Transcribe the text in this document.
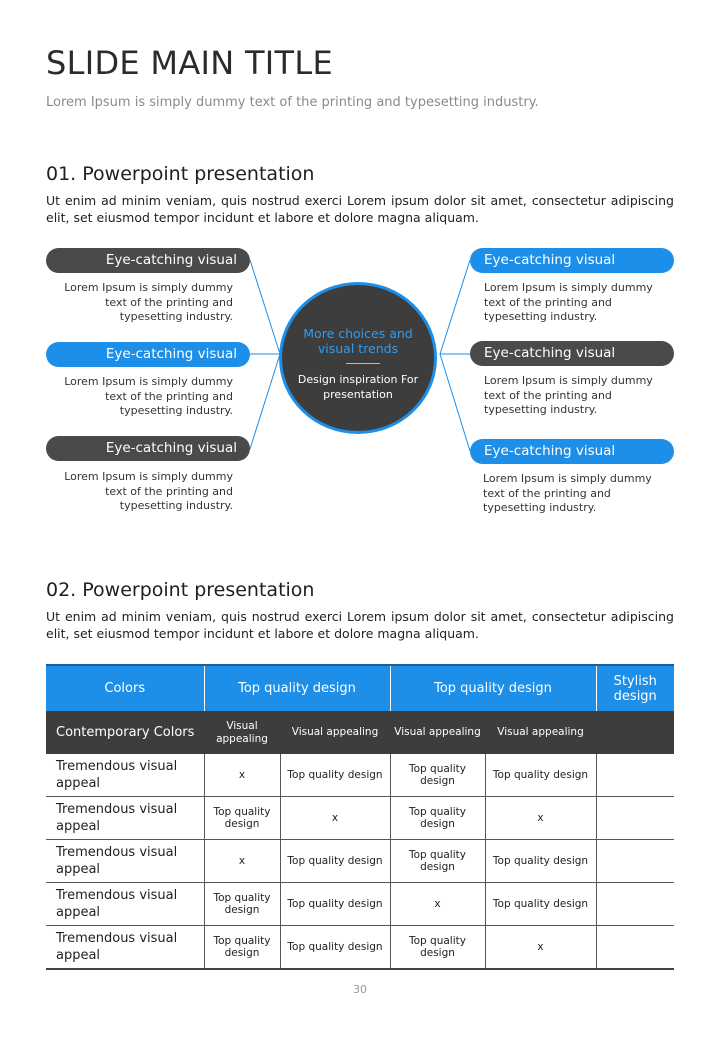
SLIDE MAIN TITLE
Lorem Ipsum is simply dummy text of the printing and typesetting industry.
01. Powerpoint presentation
Ut enim ad minim veniam, quis nostrud exerci Lorem ipsum dolor sit amet, consectetur adipiscing elit, set eiusmod tempor incidunt et labore et dolore magna aliquam.
Eye-catching visual
Lorem Ipsum is simply dummy text of the printing and typesetting industry.
Eye-catching visual
Lorem Ipsum is simply dummy text of the printing and typesetting industry.
Eye-catching visual
Lorem Ipsum is simply dummy text of the printing and typesetting industry.
Eye-catching visual
Lorem Ipsum is simply dummy text of the printing and typesetting industry.
Eye-catching visual
Lorem Ipsum is simply dummy text of the printing and typesetting industry.
Eye-catching visual
Lorem Ipsum is simply dummy text of the printing and typesetting industry.
More choices and visual trends
Design inspiration For presentation
02. Powerpoint presentation
Ut enim ad minim veniam, quis nostrud exerci Lorem ipsum dolor sit amet, consectetur adipiscing elit, set eiusmod tempor incidunt et labore et dolore magna aliquam.
Colors	Top quality design		Top quality design		Stylish design
Contemporary Colors	Visual appealing	Visual appealing	Visual appealing	Visual appealing	
Tremendous visual appeal	x	Top quality design	Top quality design	Top quality design	
Tremendous visual appeal	Top quality design	x	Top quality design	x	
Tremendous visual appeal	x	Top quality design	Top quality design	Top quality design	
Tremendous visual appeal	Top quality design	Top quality design	x	Top quality design	
Tremendous visual appeal	Top quality design	Top quality design	Top quality design	x	
30
